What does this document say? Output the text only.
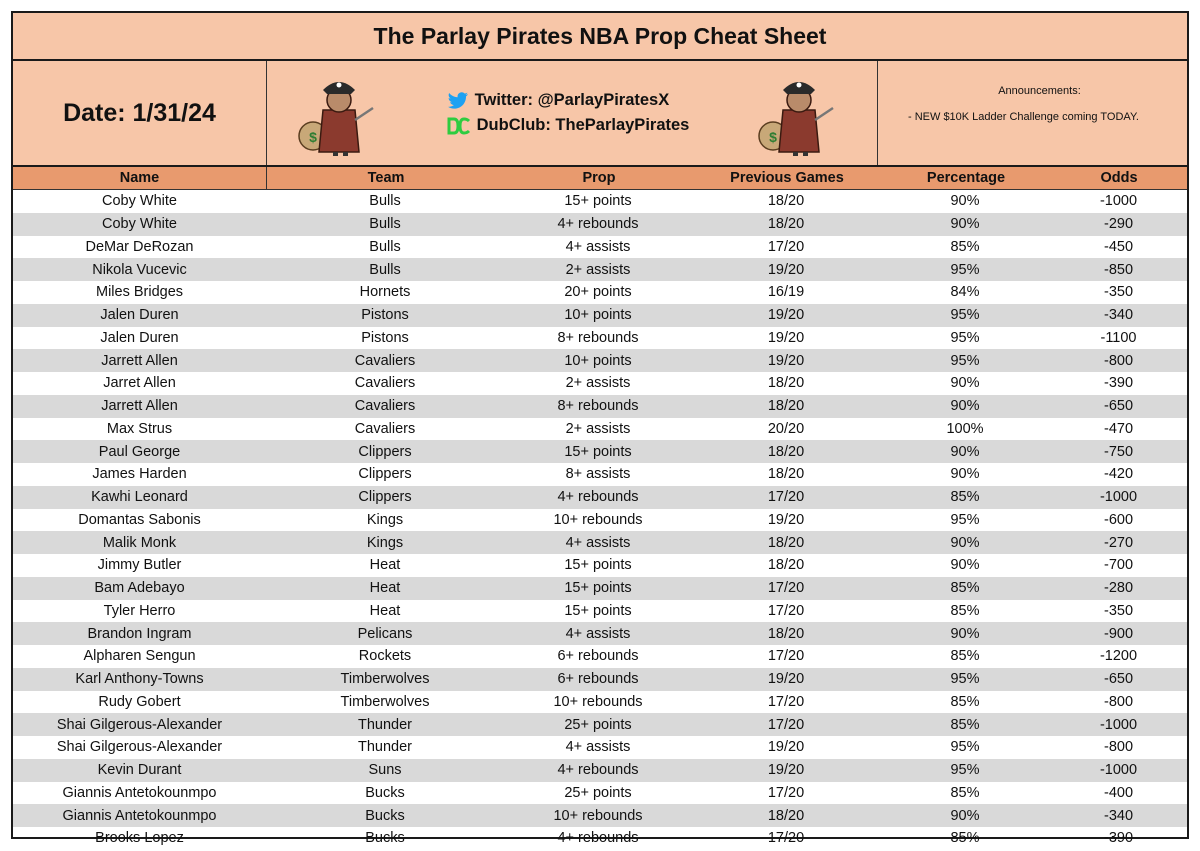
The Parlay Pirates NBA Prop Cheat Sheet
Date: 1/31/24
$
Twitter: @ParlayPiratesX
DubClub: TheParlayPirates
$
Announcements:
- NEW $10K Ladder Challenge coming TODAY.
Name	Team	Prop	Previous Games	Percentage	Odds
Coby White	Bulls	15+ points	18/20	90%	-1000
Coby White	Bulls	4+ rebounds	18/20	90%	-290
DeMar DeRozan	Bulls	4+ assists	17/20	85%	-450
Nikola Vucevic	Bulls	2+ assists	19/20	95%	-850
Miles Bridges	Hornets	20+ points	16/19	84%	-350
Jalen Duren	Pistons	10+ points	19/20	95%	-340
Jalen Duren	Pistons	8+ rebounds	19/20	95%	-1100
Jarrett Allen	Cavaliers	10+ points	19/20	95%	-800
Jarret Allen	Cavaliers	2+ assists	18/20	90%	-390
Jarrett Allen	Cavaliers	8+ rebounds	18/20	90%	-650
Max Strus	Cavaliers	2+ assists	20/20	100%	-470
Paul George	Clippers	15+ points	18/20	90%	-750
James Harden	Clippers	8+ assists	18/20	90%	-420
Kawhi Leonard	Clippers	4+ rebounds	17/20	85%	-1000
Domantas Sabonis	Kings	10+ rebounds	19/20	95%	-600
Malik Monk	Kings	4+ assists	18/20	90%	-270
Jimmy Butler	Heat	15+ points	18/20	90%	-700
Bam Adebayo	Heat	15+ points	17/20	85%	-280
Tyler Herro	Heat	15+ points	17/20	85%	-350
Brandon Ingram	Pelicans	4+ assists	18/20	90%	-900
Alpharen Sengun	Rockets	6+ rebounds	17/20	85%	-1200
Karl Anthony-Towns	Timberwolves	6+ rebounds	19/20	95%	-650
Rudy Gobert	Timberwolves	10+ rebounds	17/20	85%	-800
Shai Gilgerous-Alexander	Thunder	25+ points	17/20	85%	-1000
Shai Gilgerous-Alexander	Thunder	4+ assists	19/20	95%	-800
Kevin Durant	Suns	4+ rebounds	19/20	95%	-1000
Giannis Antetokounmpo	Bucks	25+ points	17/20	85%	-400
Giannis Antetokounmpo	Bucks	10+ rebounds	18/20	90%	-340
Brooks Lopez	Bucks	4+ rebounds	17/20	85%	-390
